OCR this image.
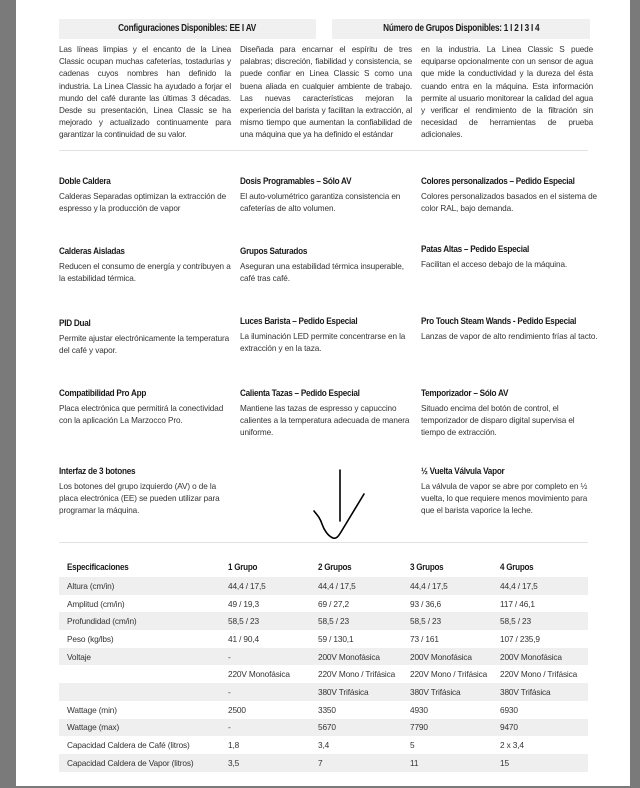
Configuraciones Disponibles: EE I AV	Número de Grupos Disponibles: 1 I 2 I 3 I 4
Las líneas limpias y el encanto de la Linea Classic ocupan muchas cafeterías, tostadurías y cadenas cuyos nombres han definido la industria. La Linea Classic ha ayudado a forjar el mundo del café durante las últimas 3 décadas. Desde su presentación, Linea Classic se ha mejorado y actualizado continuamente para garantizar la continuidad de su valor.
Diseñada para encarnar el espíritu de tres palabras; discreción, fiabilidad y consistencia, se puede confiar en Linea Classic S como una buena aliada en cualquier ambiente de trabajo. Las nuevas características mejoran la experiencia del barista y facilitan la extracción, al mismo tiempo que aumentan la confiabilidad de una máquina que ya ha definido el estándar
en la industria. La Linea Classic S puede equiparse opcionalmente con un sensor de agua que mide la conductividad y la dureza del ésta cuando entra en la máquina. Esta información permite al usuario monitorear la calidad del agua y verificar el rendimiento de la filtración sin necesidad de herramientas de prueba adicionales.
Doble Caldera
Calderas Separadas optimizan la extracción de espresso y la producción de vapor
Dosis Programables – Sólo AV
El auto-volumétrico garantiza consistencia en cafeterías de alto volumen.
Colores personalizados – Pedido Especial
Colores personalizados basados en el sistema de color RAL, bajo demanda.
Calderas Aisladas
Reducen el consumo de energía y contribuyen a la estabilidad térmica.
Grupos Saturados
Aseguran una estabilidad térmica insuperable, café tras café.
Patas Altas – Pedido Especial
Facilitan el acceso debajo de la máquina.
PID Dual
Permite ajustar electrónicamente la temperatura del café y vapor.
Luces Barista – Pedido Especial
La iluminación LED permite concentrarse en la extracción y en la taza.
Pro Touch Steam Wands - Pedido Especial
Lanzas de vapor de alto rendimiento frías al tacto.
Compatibilidad Pro App
Placa electrónica que permitirá la conectividad con la aplicación La Marzocco Pro.
Calienta Tazas – Pedido Especial
Mantiene las tazas de espresso y capuccino calientes a la temperatura adecuada de manera uniforme.
Temporizador – Sólo AV
Situado encima del botón de control, el temporizador de disparo digital supervisa el tiempo de extracción.
Interfaz de 3 botones
Los botones del grupo izquierdo (AV) o de la placa electrónica (EE) se pueden utilizar para programar la máquina.
½ Vuelta Válvula Vapor
La válvula de vapor se abre por completo en ½ vuelta, lo que requiere menos movimiento para que el barista vaporice la leche.
Especificaciones	1 Grupo	2 Grupos	3 Grupos	4 Grupos
Altura (cm/in)	44,4 / 17,5	44,4 / 17,5	44,4 / 17,5	44,4 / 17,5
Amplitud (cm/in)	49 / 19,3	69 / 27,2	93 / 36,6	117 / 46,1
Profundidad (cm/in)	58,5 / 23	58,5 / 23	58,5 / 23	58,5 / 23
Peso (kg/lbs)	41 / 90,4	59 / 130,1	73 / 161	107 / 235,9
Voltaje	-	200V Monofásica	200V Monofásica	200V Monofásica
	220V Monofásica	220V Mono / Trifásica	220V Mono / Trifásica	220V Mono / Trifásica
	-	380V Trifásica	380V Trifásica	380V Trifásica
Wattage (min)	2500	3350	4930	6930
Wattage (max)	-	5670	7790	9470
Capacidad Caldera de Café (litros)	1,8	3,4	5	2 x 3,4
Capacidad Caldera de Vapor (litros)	3,5	7	11	15
